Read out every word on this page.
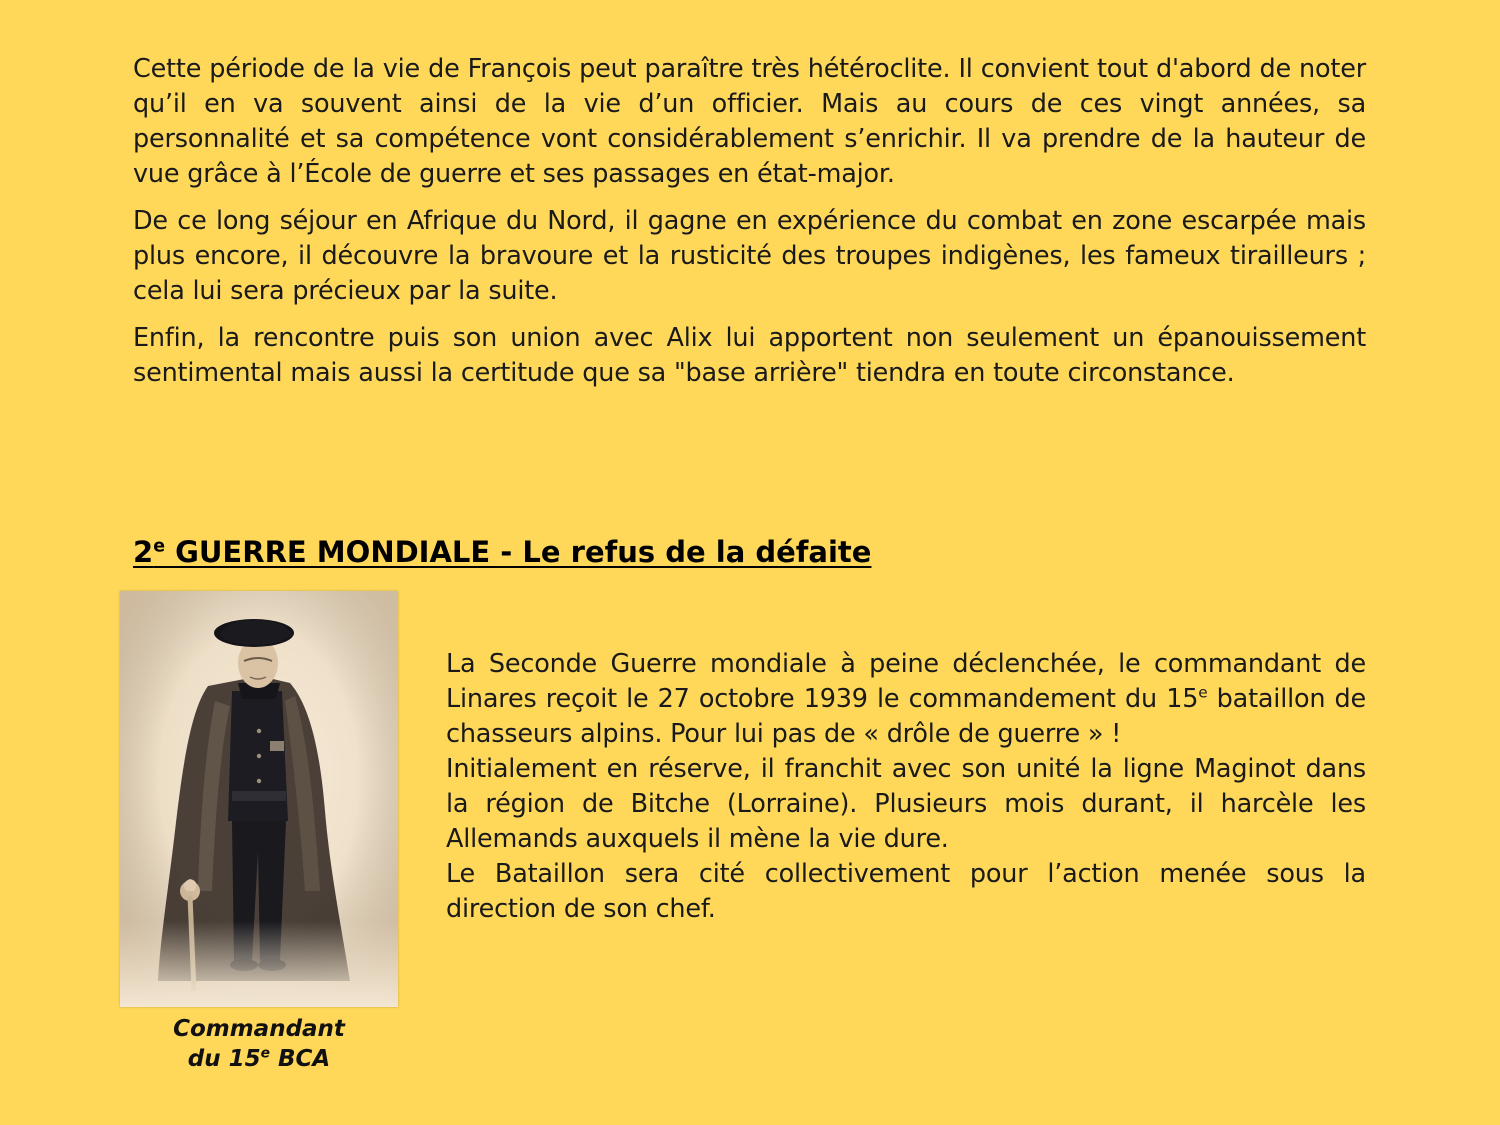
Cette période de la vie de François peut paraître très hétéroclite. Il convient tout d'abord de noter qu’il en va souvent ainsi de la vie d’un officier. Mais au cours de ces vingt années, sa personnalité et sa compétence vont considérablement s’enrichir. Il va prendre de la hauteur de vue grâce à l’École de guerre et ses passages en état-major.

De ce long séjour en Afrique du Nord, il gagne en expérience du combat en zone escarpée mais plus encore, il découvre la bravoure et la rusticité des troupes indigènes, les fameux tirailleurs ; cela lui sera précieux par la suite.

Enfin, la rencontre puis son union avec Alix lui apportent non seulement un épanouissement sentimental mais aussi la certitude que sa "base arrière" tiendra en toute circonstance.

2e GUERRE MONDIALE - Le refus de la défaite
Commandant
du 15e BCA

La Seconde Guerre mondiale à peine déclenchée, le commandant de Linares reçoit le 27 octobre 1939 le commandement du 15e bataillon de chasseurs alpins. Pour lui pas de « drôle de guerre » !

Initialement en réserve, il franchit avec son unité la ligne Maginot dans la région de Bitche (Lorraine). Plusieurs mois durant, il harcèle les Allemands auxquels il mène la vie dure.

Le Bataillon sera cité collectivement pour l’action menée sous la direction de son chef.
